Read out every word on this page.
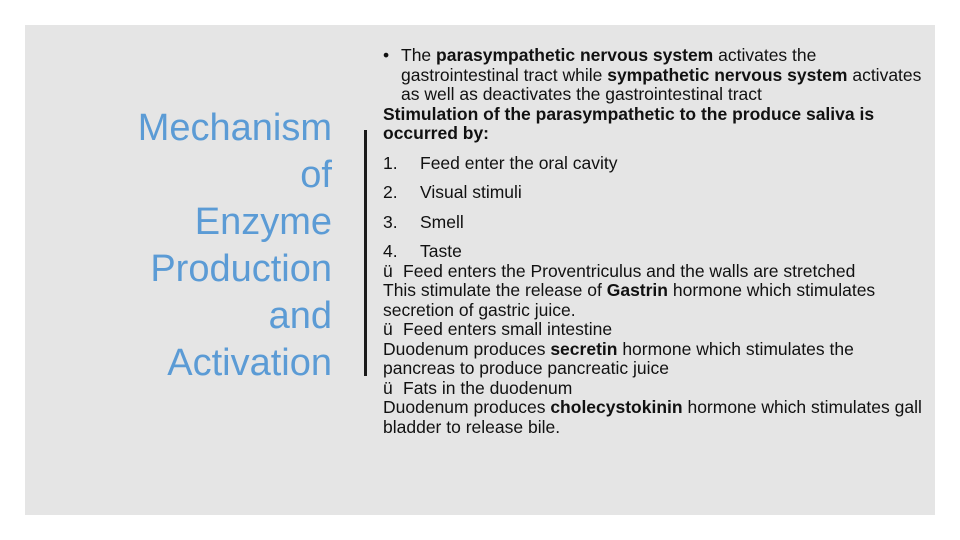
Mechanism
of
Enzyme
Production
and
Activation

• The parasympathetic nervous system activates the gastrointestinal tract while sympathetic nervous system activates as well as deactivates the gastrointestinal tract

Stimulation of the parasympathetic to the produce saliva is occurred by:

1.	Feed enter the oral cavity
2.	Visual stimuli
3.	Smell
4.	Taste

ü Feed enters the Proventriculus and the walls are stretched

This stimulate the release of Gastrin hormone which stimulates secretion of gastric juice.

ü Feed enters small intestine

Duodenum produces secretin hormone which stimulates the pancreas to produce pancreatic juice

ü Fats in the duodenum

Duodenum produces cholecystokinin hormone which stimulates gall bladder to release bile.
